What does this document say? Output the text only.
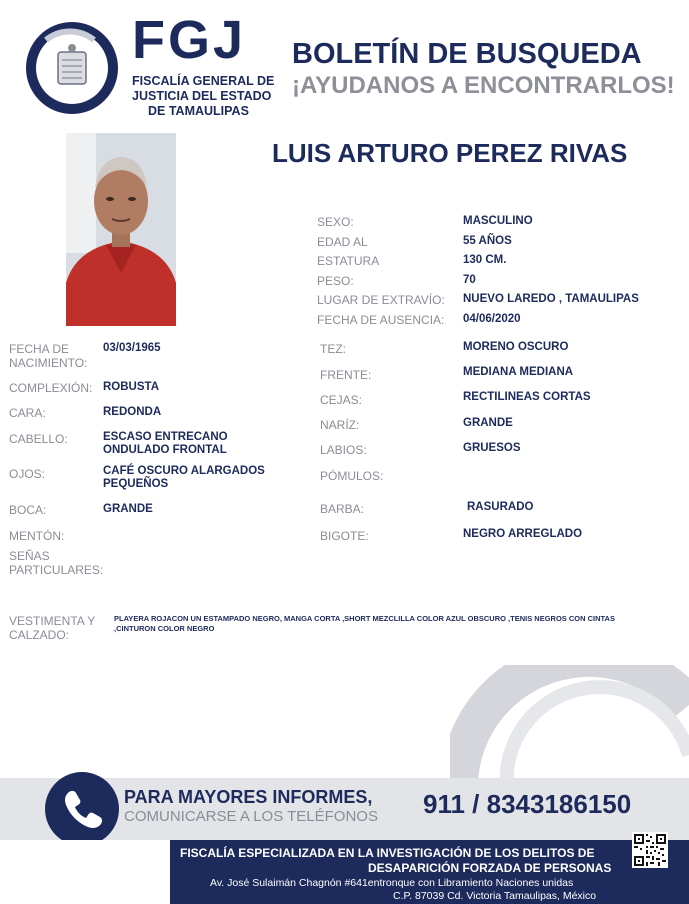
FGJ
FISCALÍA GENERAL DE
JUSTICIA DEL ESTADO
DE TAMAULIPAS
BOLETÍN DE BUSQUEDA
¡AYUDANOS A ENCONTRARLOS!
LUIS ARTURO PEREZ RIVAS
SEXO:	MASCULINO
EDAD AL	55 AÑOS
ESTATURA	130 CM.
PESO:	70
LUGAR DE EXTRAVÍO: NUEVO LAREDO , TAMAULIPAS
FECHA DE AUSENCIA: 04/06/2020
FECHA DE
NACIMIENTO:
03/03/1965
COMPLEXIÓN: ROBUSTA
CARA:	REDONDA
CABELLO:	ESCASO ENTRECANO
ONDULADO FRONTAL
OJOS:	CAFÉ OSCURO ALARGADOS
PEQUEÑOS
BOCA:	GRANDE
MENTÓN:
SEÑAS
PARTICULARES:
TEZ:	MORENO OSCURO
FRENTE:	MEDIANA MEDIANA
CEJAS:	RECTILINEAS CORTAS
NARÍZ:	GRANDE
LABIOS:	GRUESOS
PÓMULOS:
BARBA:	RASURADO
BIGOTE:	NEGRO ARREGLADO
VESTIMENTA Y
CALZADO:
PLAYERA ROJACON UN ESTAMPADO NEGRO, MANGA CORTA ,SHORT MEZCLILLA COLOR AZUL OBSCURO ,TENIS NEGROS CON CINTAS ,CINTURON COLOR NEGRO
PARA MAYORES INFORMES,
COMUNICARSE A LOS TELÉFONOS 911 / 8343186150
FISCALÍA ESPECIALIZADA EN LA INVESTIGACIÓN DE LOS DELITOS DE
DESAPARICIÓN FORZADA DE PERSONAS
Av. José Sulaimán Chagnón #641entronque con Libramiento Naciones unidas
C.P. 87039 Cd. Victoria Tamaulipas, México
